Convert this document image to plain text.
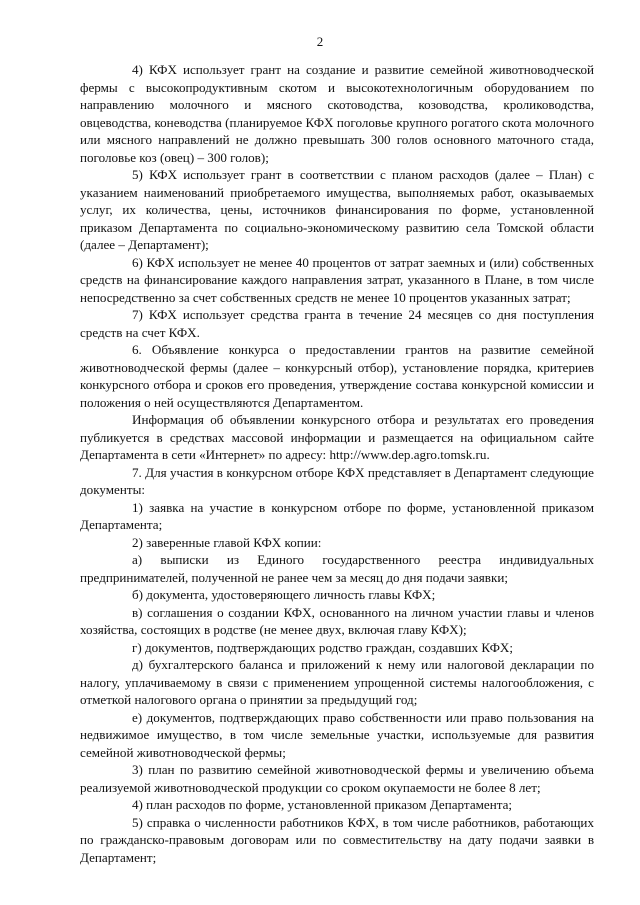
2

4) КФХ использует грант на создание и развитие семейной животноводческой фермы с высокопродуктивным скотом и высокотехнологичным оборудованием по направлению молочного и мясного скотоводства, козоводства, кролиководства, овцеводства, коневодства (планируемое КФХ поголовье крупного рогатого скота молочного или мясного направлений не должно превышать 300 голов основного маточного стада, поголовье коз (овец) – 300 голов);

5) КФХ использует грант в соответствии с планом расходов (далее – План) с указанием наименований приобретаемого имущества, выполняемых работ, оказываемых услуг, их количества, цены, источников финансирования по форме, установленной приказом Департамента по социально-экономическому развитию села Томской области (далее – Департамент);

6) КФХ использует не менее 40 процентов от затрат заемных и (или) собственных средств на финансирование каждого направления затрат, указанного в Плане, в том числе непосредственно за счет собственных средств не менее 10 процентов указанных затрат;

7) КФХ использует средства гранта в течение 24 месяцев со дня поступления средств на счет КФХ.

6. Объявление конкурса о предоставлении грантов на развитие семейной животноводческой фермы (далее – конкурсный отбор), установление порядка, критериев конкурсного отбора и сроков его проведения, утверждение состава конкурсной комиссии и положения о ней осуществляются Департаментом.

Информация об объявлении конкурсного отбора и результатах его проведения публикуется в средствах массовой информации и размещается на официальном сайте Департамента в сети «Интернет» по адресу: http://www.dep.agro.tomsk.ru.

7. Для участия в конкурсном отборе КФХ представляет в Департамент следующие документы:

1) заявка на участие в конкурсном отборе по форме, установленной приказом Департамента;

2) заверенные главой КФХ копии:

а) выписки из Единого государственного реестра индивидуальных предпринимателей, полученной не ранее чем за месяц до дня подачи заявки;

б) документа, удостоверяющего личность главы КФХ;

в) соглашения о создании КФХ, основанного на личном участии главы и членов хозяйства, состоящих в родстве (не менее двух, включая главу КФХ);

г) документов, подтверждающих родство граждан, создавших КФХ;

д) бухгалтерского баланса и приложений к нему или налоговой декларации по налогу, уплачиваемому в связи с применением упрощенной системы налогообложения, с отметкой налогового органа о принятии за предыдущий год;

е) документов, подтверждающих право собственности или право пользования на недвижимое имущество, в том числе земельные участки, используемые для развития семейной животноводческой фермы;

3) план по развитию семейной животноводческой фермы и увеличению объема реализуемой животноводческой продукции со сроком окупаемости не более 8 лет;

4) план расходов по форме, установленной приказом Департамента;

5) справка о численности работников КФХ, в том числе работников, работающих по гражданско-правовым договорам или по совместительству на дату подачи заявки в Департамент;
